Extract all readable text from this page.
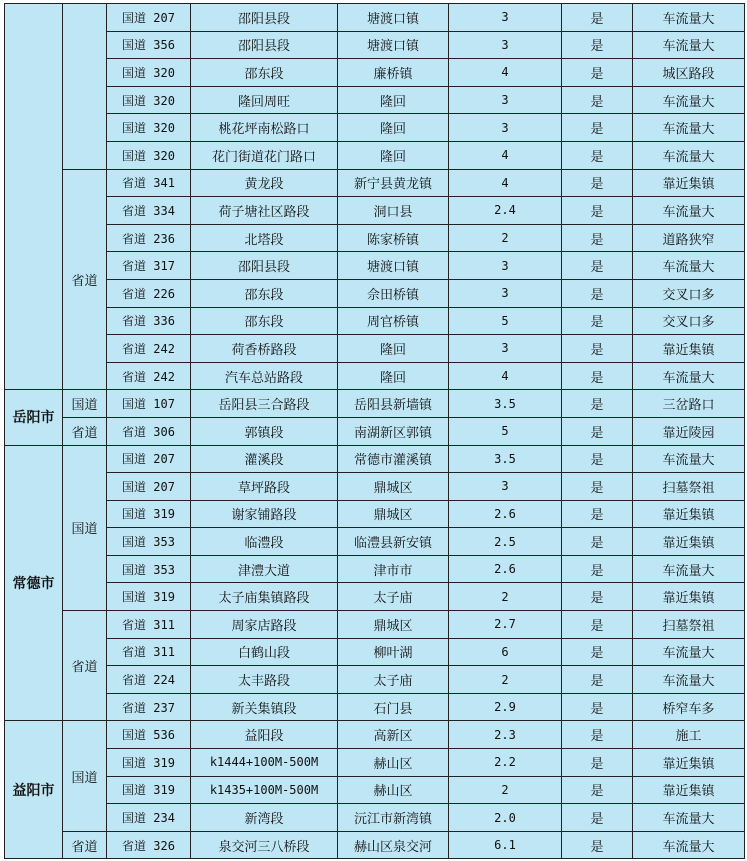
		国道 207	邵阳县段	塘渡口镇	3	是	车流量大
		国道 356	邵阳县段	塘渡口镇	3	是	车流量大
		国道 320	邵东段	廉桥镇	4	是	城区路段
		国道 320	隆回周旺	隆回	3	是	车流量大
		国道 320	桃花坪南松路口	隆回	3	是	车流量大
		国道 320	花门街道花门路口	隆回	4	是	车流量大
	省道	省道 341	黄龙段	新宁县黄龙镇	4	是	靠近集镇
		省道 334	荷子塘社区路段	洞口县	2.4	是	车流量大
		省道 236	北塔段	陈家桥镇	2	是	道路狭窄
		省道 317	邵阳县段	塘渡口镇	3	是	车流量大
		省道 226	邵东段	佘田桥镇	3	是	交叉口多
		省道 336	邵东段	周官桥镇	5	是	交叉口多
		省道 242	荷香桥路段	隆回	3	是	靠近集镇
		省道 242	汽车总站路段	隆回	4	是	车流量大
岳阳市	国道	国道 107	岳阳县三合路段	岳阳县新墙镇	3.5	是	三岔路口
	省道	省道 306	郭镇段	南湖新区郭镇	5	是	靠近陵园
常德市	国道	国道 207	灌溪段	常德市灌溪镇	3.5	是	车流量大
		国道 207	草坪路段	鼎城区	3	是	扫墓祭祖
		国道 319	谢家铺路段	鼎城区	2.6	是	靠近集镇
		国道 353	临澧段	临澧县新安镇	2.5	是	靠近集镇
		国道 353	津澧大道	津市市	2.6	是	车流量大
		国道 319	太子庙集镇路段	太子庙	2	是	靠近集镇
	省道	省道 311	周家店路段	鼎城区	2.7	是	扫墓祭祖
		省道 311	白鹤山段	柳叶湖	6	是	车流量大
		省道 224	太丰路段	太子庙	2	是	车流量大
		省道 237	新关集镇段	石门县	2.9	是	桥窄车多
益阳市	国道	国道 536	益阳段	高新区	2.3	是	施工
		国道 319	k1444+100M-500M	赫山区	2.2	是	靠近集镇
		国道 319	k1435+100M-500M	赫山区	2	是	靠近集镇
		国道 234	新湾段	沅江市新湾镇	2.0	是	车流量大
	省道	省道 326	泉交河三八桥段	赫山区泉交河	6.1	是	车流量大
